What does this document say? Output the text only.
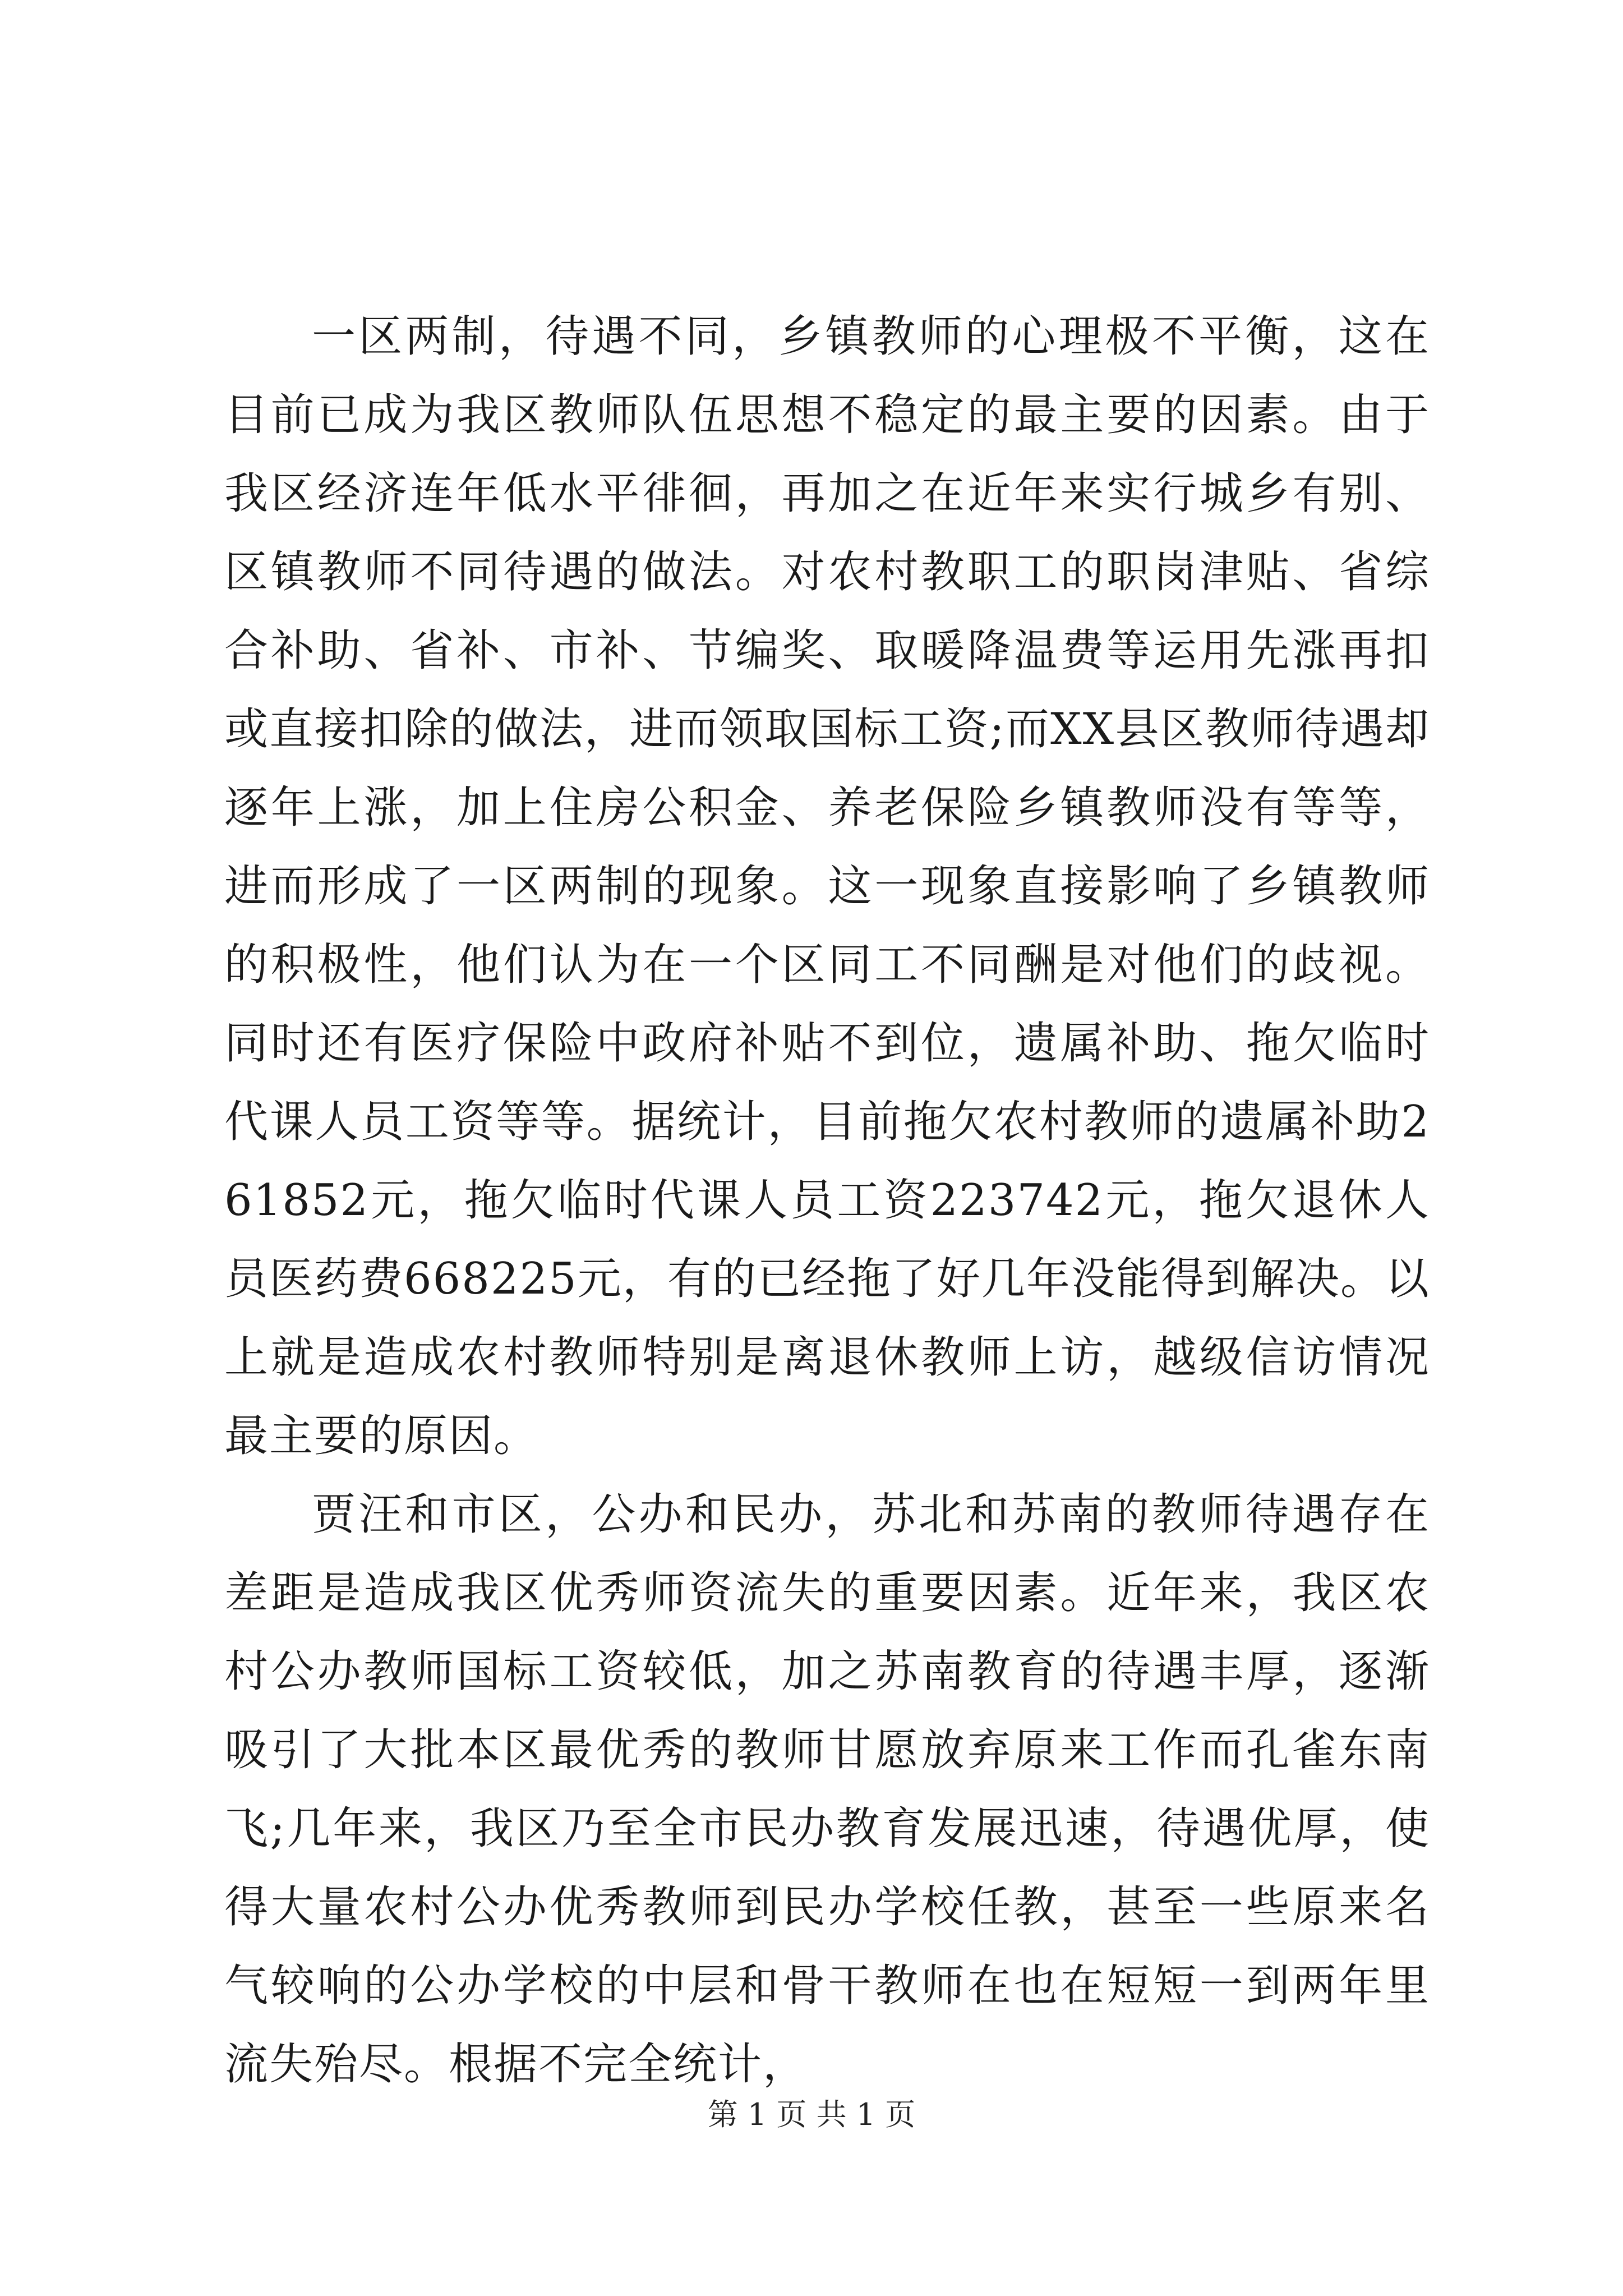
一区两制，待遇不同，乡镇教师的心理极不平衡，这在目前已成为我区教师队伍思想不稳定的最主要的因素。由于我区经济连年低水平徘徊，再加之在近年来实行城乡有别、区镇教师不同待遇的做法。对农村教职工的职岗津贴、省综合补助、省补、市补、节编奖、取暖降温费等运用先涨再扣或直接扣除的做法，进而领取国标工资;而XX县区教师待遇却逐年上涨，加上住房公积金、养老保险乡镇教师没有等等，进而形成了一区两制的现象。这一现象直接影响了乡镇教师的积极性，他们认为在一个区同工不同酬是对他们的歧视。同时还有医疗保险中政府补贴不到位，遗属补助、拖欠临时代课人员工资等等。据统计，目前拖欠农村教师的遗属补助261852元，拖欠临时代课人员工资223742元，拖欠退休人员医药费668225元，有的已经拖了好几年没能得到解决。以上就是造成农村教师特别是离退休教师上访，越级信访情况最主要的原因。

贾汪和市区，公办和民办，苏北和苏南的教师待遇存在差距是造成我区优秀师资流失的重要因素。近年来，我区农村公办教师国标工资较低，加之苏南教育的待遇丰厚，逐渐吸引了大批本区最优秀的教师甘愿放弃原来工作而孔雀东南飞;几年来，我区乃至全市民办教育发展迅速，待遇优厚，使得大量农村公办优秀教师到民办学校任教，甚至一些原来名气较响的公办学校的中层和骨干教师在也在短短一到两年里流失殆尽。根据不完全统计，

第 1 页 共 1 页
